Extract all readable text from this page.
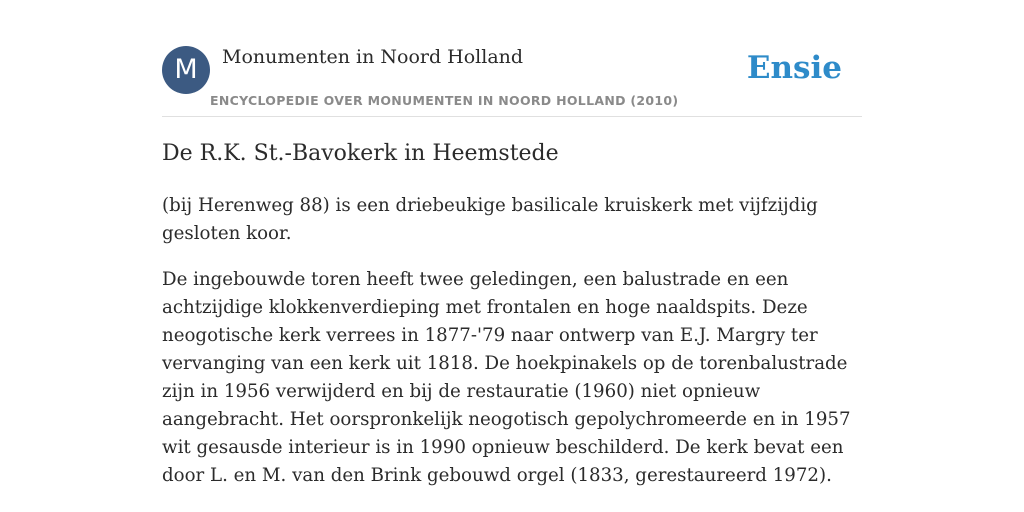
M	Monumenten in Noord Holland
ENCYCLOPEDIE OVER MONUMENTEN IN NOORD HOLLAND (2010)
Ensie
De R.K. St.-Bavokerk in Heemstede

(bij Herenweg 88) is een driebeukige basilicale kruiskerk met vijfzijdig gesloten koor.

De ingebouwde toren heeft twee geledingen, een balustrade en een achtzijdige klokkenverdieping met frontalen en hoge naaldspits. Deze neogotische kerk verrees in 1877-'79 naar ontwerp van E.J. Margry ter vervanging van een kerk uit 1818. De hoekpinakels op de torenbalustrade zijn in 1956 verwijderd en bij de restauratie (1960) niet opnieuw aangebracht. Het oorspronkelijk neogotisch gepolychromeerde en in 1957 wit gesausde interieur is in 1990 opnieuw beschilderd. De kerk bevat een door L. en M. van den Brink gebouwd orgel (1833, gerestaureerd 1972).
